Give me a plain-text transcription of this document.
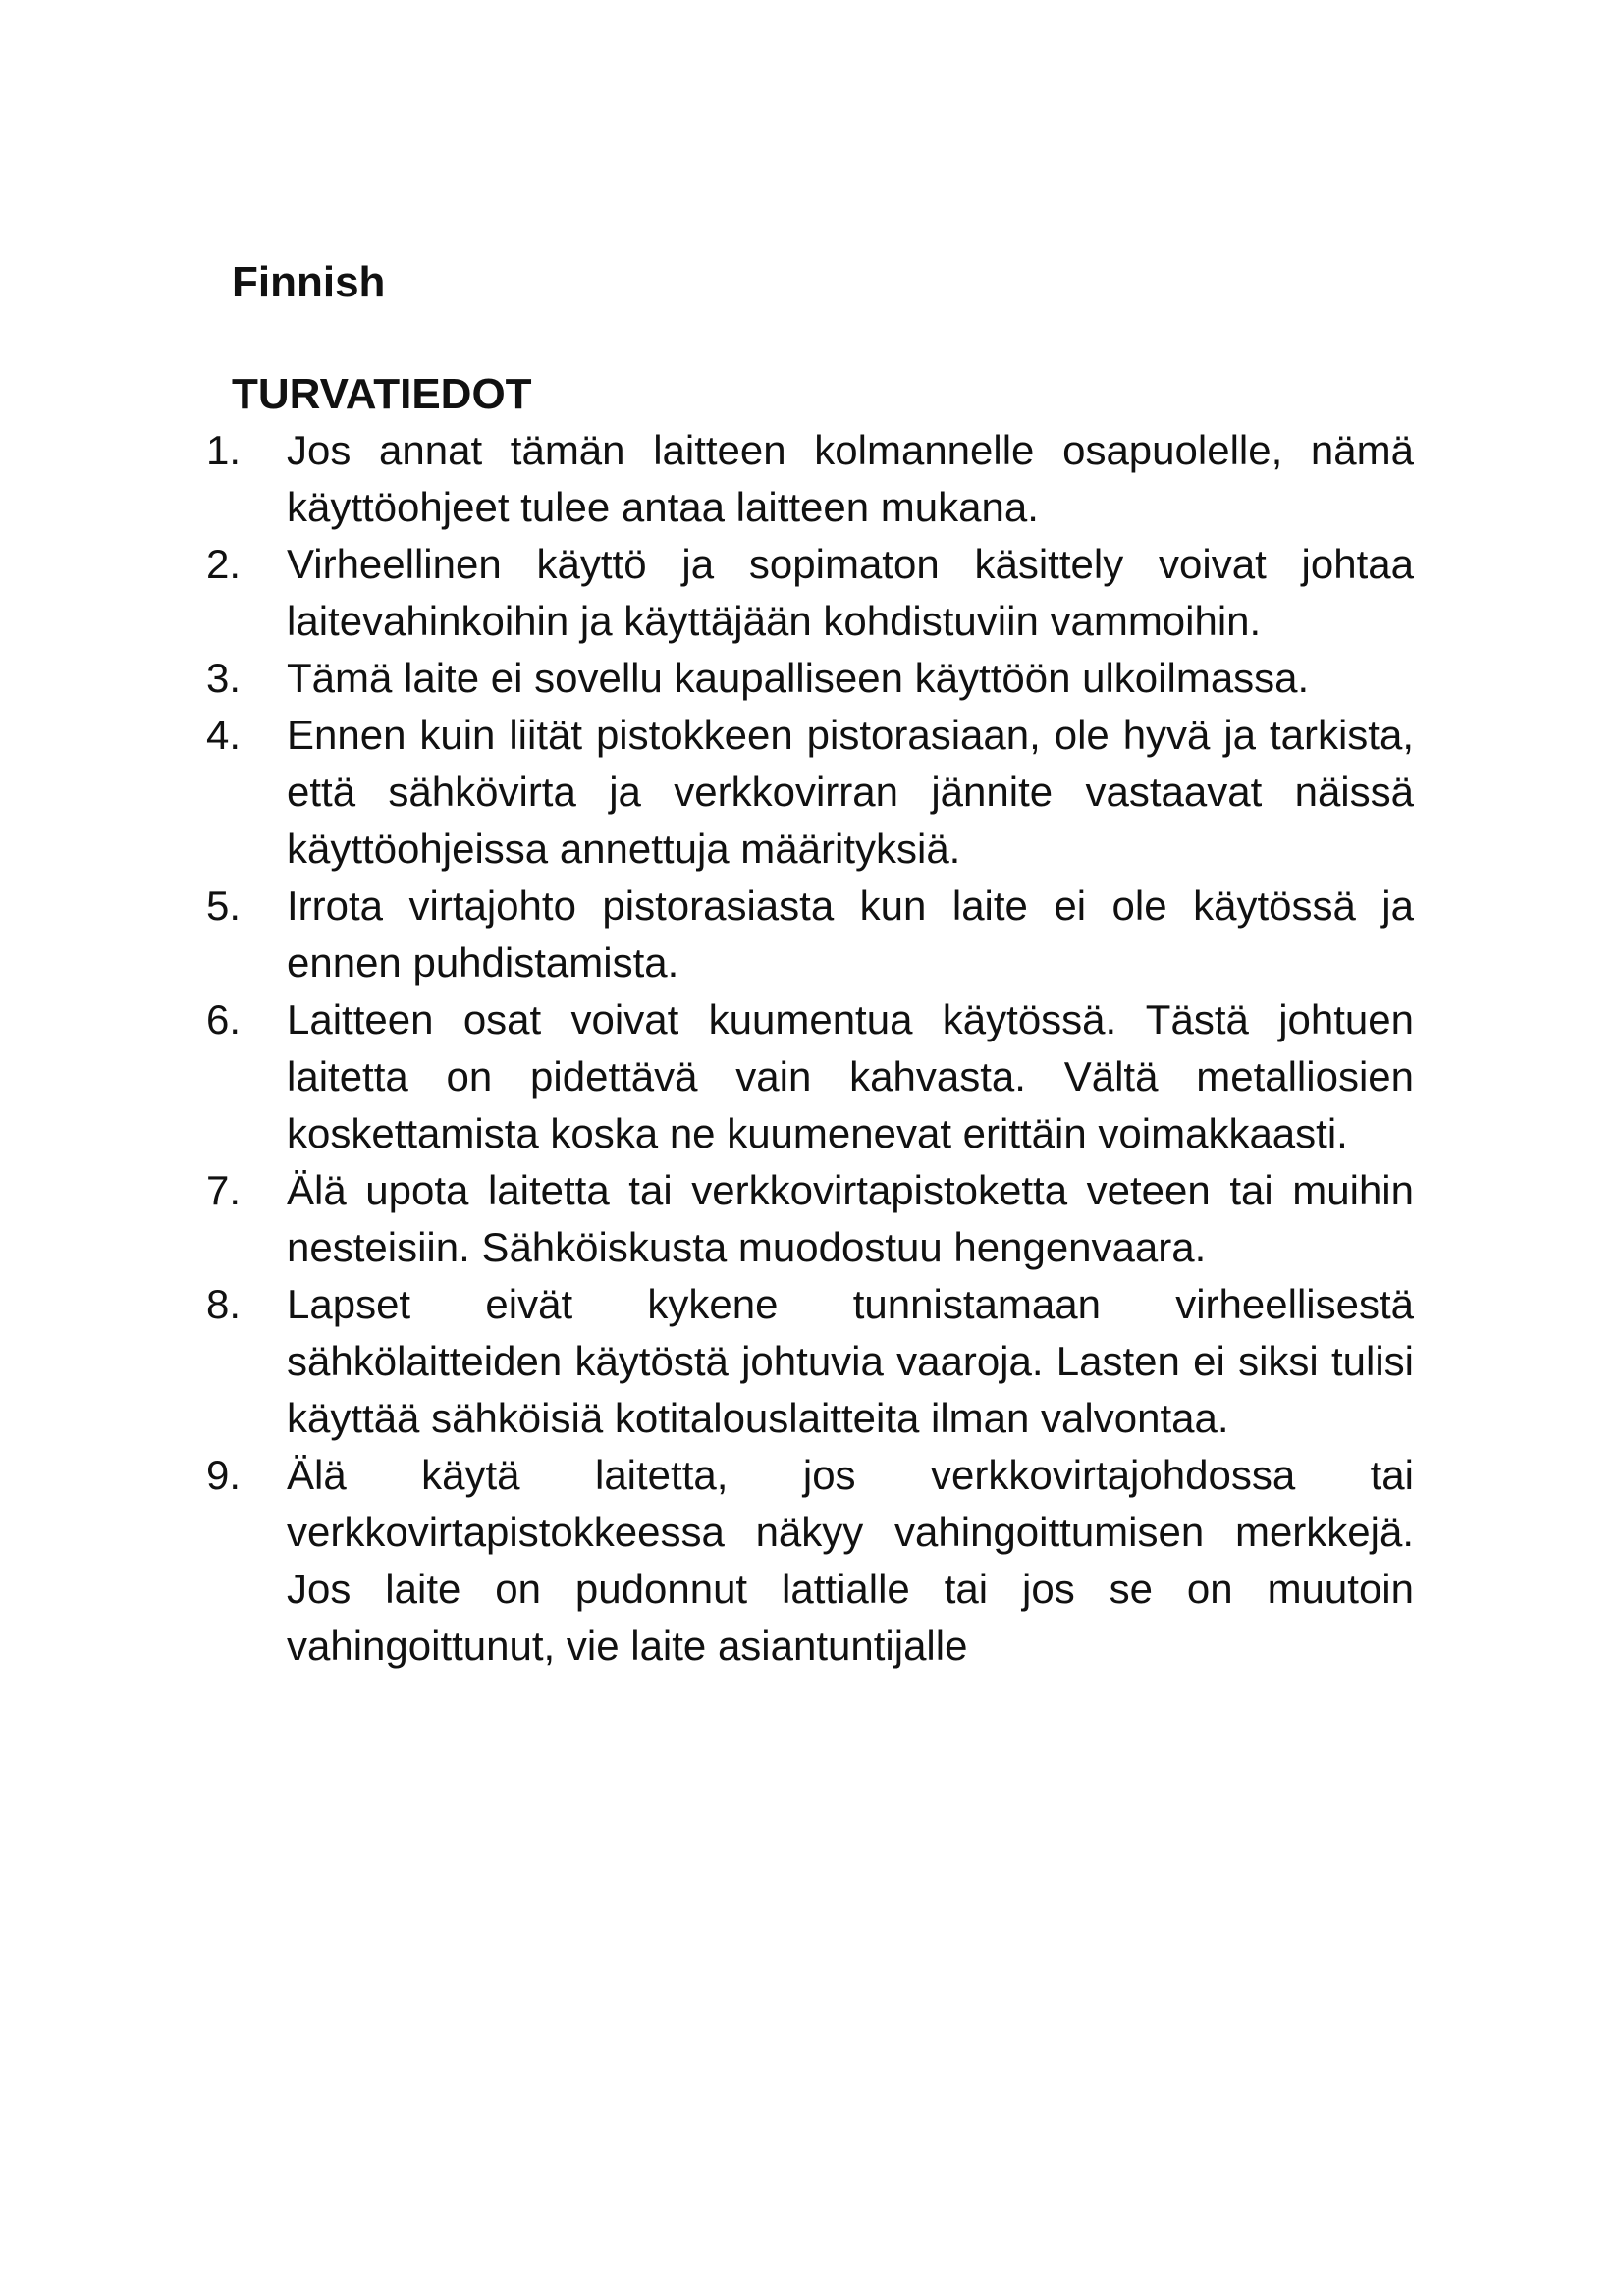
Finnish
TURVATIEDOT
1.	Jos annat tämän laitteen kolmannelle osapuolelle, nämä käyttöohjeet tulee antaa laitteen mukana.
2.	Virheellinen käyttö ja sopimaton käsittely voivat johtaa laitevahinkoihin ja käyttäjään kohdistuviin vammoihin.
3.	Tämä laite ei sovellu kaupalliseen käyttöön ulkoilmassa.
4.	Ennen kuin liität pistokkeen pistorasiaan, ole hyvä ja tarkista, että sähkövirta ja verkkovirran jännite vastaavat näissä käyttöohjeissa annettuja määrityksiä.
5.	Irrota virtajohto pistorasiasta kun laite ei ole käytössä ja ennen puhdistamista.
6.	Laitteen osat voivat kuumentua käytössä. Tästä johtuen laitetta on pidettävä vain kahvasta. Vältä metalliosien koskettamista koska ne kuumenevat erittäin voimakkaasti.
7.	Älä upota laitetta tai verkkovirtapistoketta veteen tai muihin nesteisiin. Sähköiskusta muodostuu hengenvaara.
8.	Lapset eivät kykene tunnistamaan virheellisestä sähkölaitteiden käytöstä johtuvia vaaroja. Lasten ei siksi tulisi käyttää sähköisiä kotitalouslaitteita ilman valvontaa.
9.	Älä käytä laitetta, jos verkkovirtajohdossa tai verkkovirtapistokkeessa näkyy vahingoittumisen merkkejä. Jos laite on pudonnut lattialle tai jos se on muutoin vahingoittunut, vie laite asiantuntijalle
